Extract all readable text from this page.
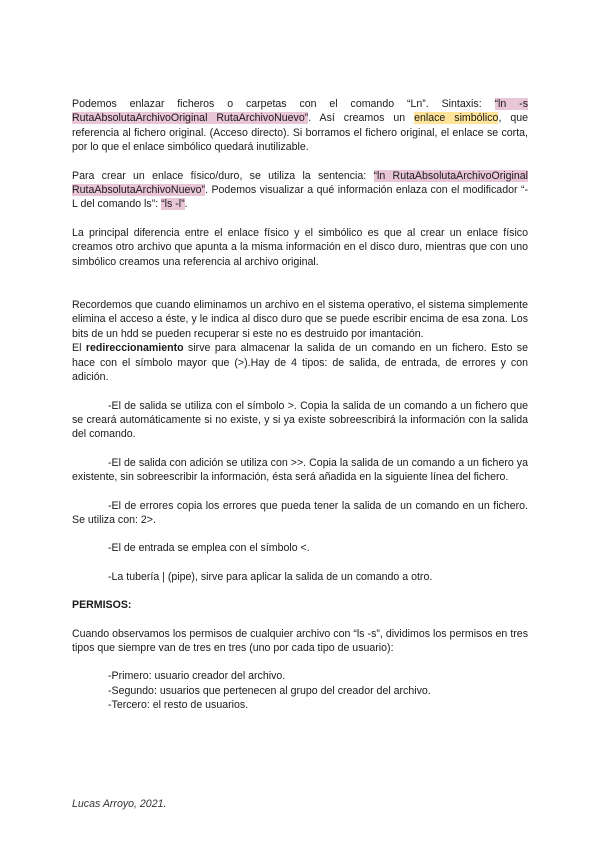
Podemos enlazar ficheros o carpetas con el comando “Ln”. Sintaxis: “ln -s RutaAbsolutaArchivoOriginal RutaArchivoNuevo”. Así creamos un enlace simbólico, que referencia al fichero original. (Acceso directo). Si borramos el fichero original, el enlace se corta, por lo que el enlace simbólico quedará inutilizable.

Para crear un enlace físico/duro, se utiliza la sentencia: “ln RutaAbsolutaArchivoOriginal RutaAbsolutaArchivoNuevo”. Podemos visualizar a qué información enlaza con el modificador “-L del comando ls”: “ls -l”.

La principal diferencia entre el enlace físico y el simbólico es que al crear un enlace físico creamos otro archivo que apunta a la misma información en el disco duro, mientras que con uno simbólico creamos una referencia al archivo original.

Recordemos que cuando eliminamos un archivo en el sistema operativo, el sistema simplemente elimina el acceso a éste, y le indica al disco duro que se puede escribir encima de esa zona. Los bits de un hdd se pueden recuperar si este no es destruido por imantación.

El redireccionamiento sirve para almacenar la salida de un comando en un fichero. Esto se hace con el símbolo mayor que (>).Hay de 4 tipos: de salida, de entrada, de errores y con adición.

-El de salida se utiliza con el símbolo >. Copia la salida de un comando a un fichero que se creará automáticamente si no existe, y si ya existe sobreescribirá la información con la salida del comando.

-El de salida con adición se utiliza con >>. Copia la salida de un comando a un fichero ya existente, sin sobreescribir la información, ésta será añadida en la siguiente línea del fichero.

-El de errores copia los errores que pueda tener la salida de un comando en un fichero. Se utiliza con: 2>.

-El de entrada se emplea con el símbolo <.

-La tubería | (pipe), sirve para aplicar la salida de un comando a otro.

PERMISOS:

Cuando observamos los permisos de cualquier archivo con “ls -s”, dividimos los permisos en tres tipos que siempre van de tres en tres (uno por cada tipo de usuario):

-Primero: usuario creador del archivo.

-Segundo: usuarios que pertenecen al grupo del creador del archivo.

-Tercero: el resto de usuarios.

Lucas Arroyo, 2021.
